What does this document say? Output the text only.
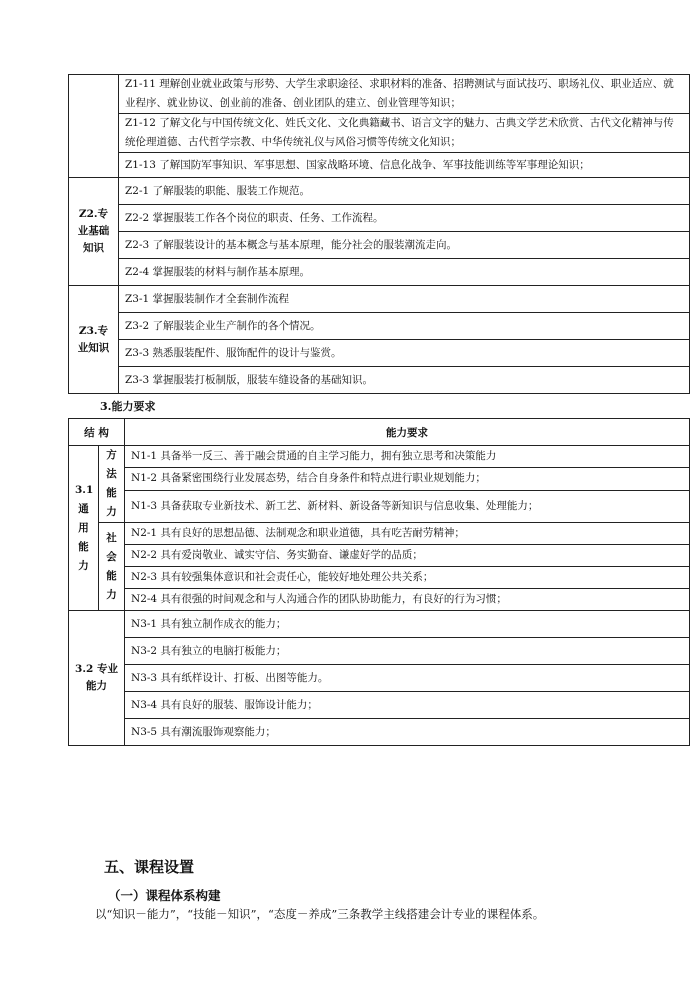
	Z1-11 理解创业就业政策与形势、大学生求职途径、求职材料的准备、招聘测试与面试技巧、职场礼仪、职业适应、就业程序、就业协议、创业前的准备、创业团队的建立、创业管理等知识；
	Z1-12 了解文化与中国传统文化、姓氏文化、文化典籍藏书、语言文字的魅力、古典文学艺术欣赏、古代文化精神与传统伦理道德、古代哲学宗教、中华传统礼仪与风俗习惯等传统文化知识；
	Z1-13 了解国防军事知识、军事思想、国家战略环境、信息化战争、军事技能训练等军事理论知识；
Z2.专业基础知识	Z2-1 了解服装的职能、服装工作规范。
	Z2-2 掌握服装工作各个岗位的职责、任务、工作流程。
	Z2-3 了解服装设计的基本概念与基本原理，能分社会的服装潮流走向。
	Z2-4 掌握服装的材料与制作基本原理。
Z3.专业知识	Z3-1 掌握服装制作才全套制作流程
	Z3-2 了解服装企业生产制作的各个情况。
	Z3-3 熟悉服装配件、服饰配件的设计与鉴赏。
	Z3-3 掌握服装打板制版，服装车缝设备的基础知识。
3.能力要求
结 构		能力要求
3.1 通用能力	方法能力	N1-1 具备举一反三、善于融会贯通的自主学习能力，拥有独立思考和决策能力
		N1-2 具备紧密围绕行业发展态势，结合自身条件和特点进行职业规划能力；
		N1-3 具备获取专业新技术、新工艺、新材料、新设备等新知识与信息收集、处理能力；
	社会能力	N2-1 具有良好的思想品德、法制观念和职业道德，具有吃苦耐劳精神；
		N2-2 具有爱岗敬业、诚实守信、务实勤奋、谦虚好学的品质；
		N2-3 具有较强集体意识和社会责任心，能较好地处理公共关系；
		N2-4 具有很强的时间观念和与人沟通合作的团队协助能力，有良好的行为习惯；
3.2 专业能力		N3-1 具有独立制作成衣的能力；
		N3-2 具有独立的电脑打板能力；
		N3-3 具有纸样设计、打板、出图等能力。
		N3-4 具有良好的服装、服饰设计能力；
		N3-5 具有潮流服饰观察能力；
五、课程设置
（一）课程体系构建
以“知识－能力”，“技能－知识”，“态度－养成”三条教学主线搭建会计专业的课程体系。
